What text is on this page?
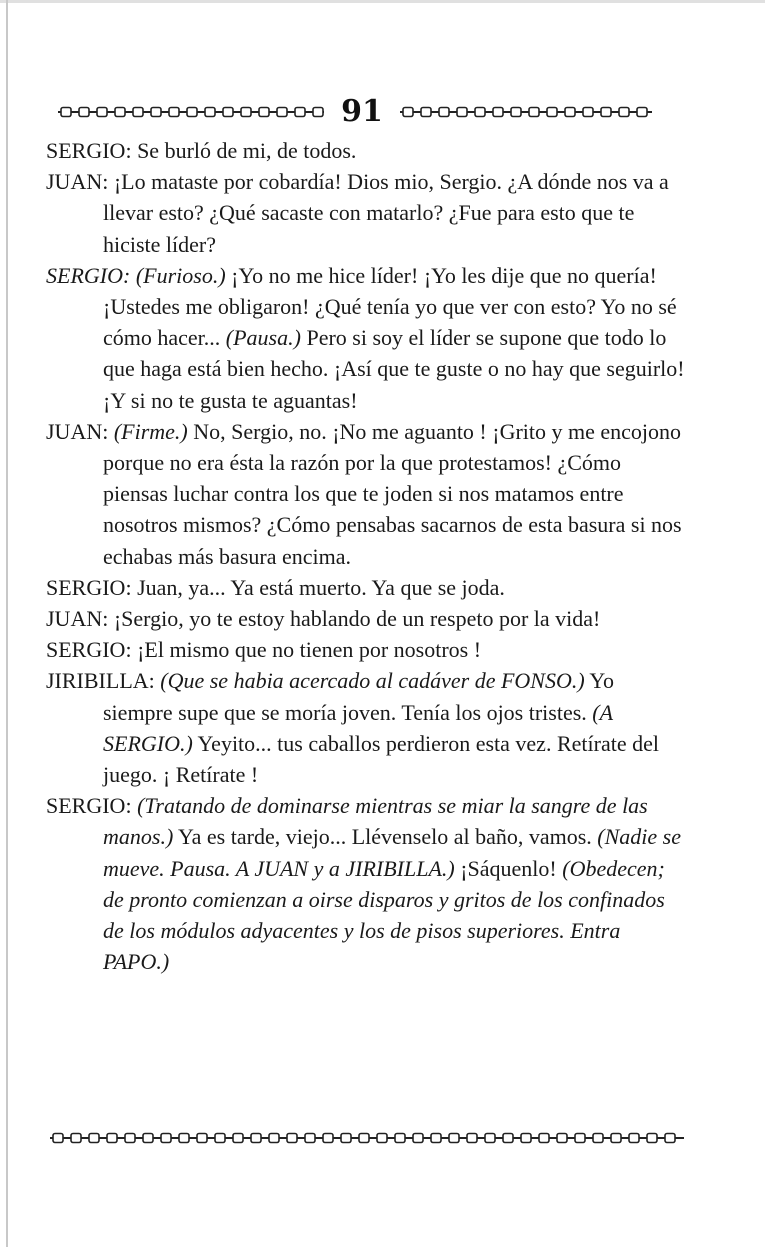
91

SERGIO: Se burló de mi, de todos.

JUAN: ¡Lo mataste por cobardía! Dios mio, Sergio. ¿A dónde nos va a llevar esto? ¿Qué sacaste con matarlo? ¿Fue para esto que te hiciste líder?

SERGIO: (Furioso.) ¡Yo no me hice líder! ¡Yo les dije que no quería! ¡Ustedes me obligaron! ¿Qué tenía yo que ver con esto? Yo no sé cómo hacer... (Pausa.) Pero si soy el líder se supone que todo lo que haga está bien hecho. ¡Así que te guste o no hay que seguirlo! ¡Y si no te gusta te aguantas!

JUAN: (Firme.) No, Sergio, no. ¡No me aguanto ! ¡Grito y me encojono porque no era ésta la razón por la que protestamos! ¿Cómo piensas luchar contra los que te joden si nos matamos entre nosotros mismos? ¿Cómo pensabas sacarnos de esta basura si nos echabas más basura encima.

SERGIO: Juan, ya... Ya está muerto. Ya que se joda.

JUAN: ¡Sergio, yo te estoy hablando de un respeto por la vida!

SERGIO: ¡El mismo que no tienen por nosotros !

JIRIBILLA: (Que se habia acercado al cadáver de FONSO.) Yo siempre supe que se moría joven. Tenía los ojos tristes. (A SERGIO.) Yeyito... tus caballos perdieron esta vez. Retírate del juego. ¡ Retírate !

SERGIO: (Tratando de dominarse mientras se miar la sangre de las manos.) Ya es tarde, viejo... Llévenselo al baño, vamos. (Nadie se mueve. Pausa. A JUAN y a JIRIBILLA.) ¡Sáquenlo! (Obedecen; de pronto comienzan a oirse disparos y gritos de los confinados de los módulos adyacentes y los de pisos superiores. Entra PAPO.)
